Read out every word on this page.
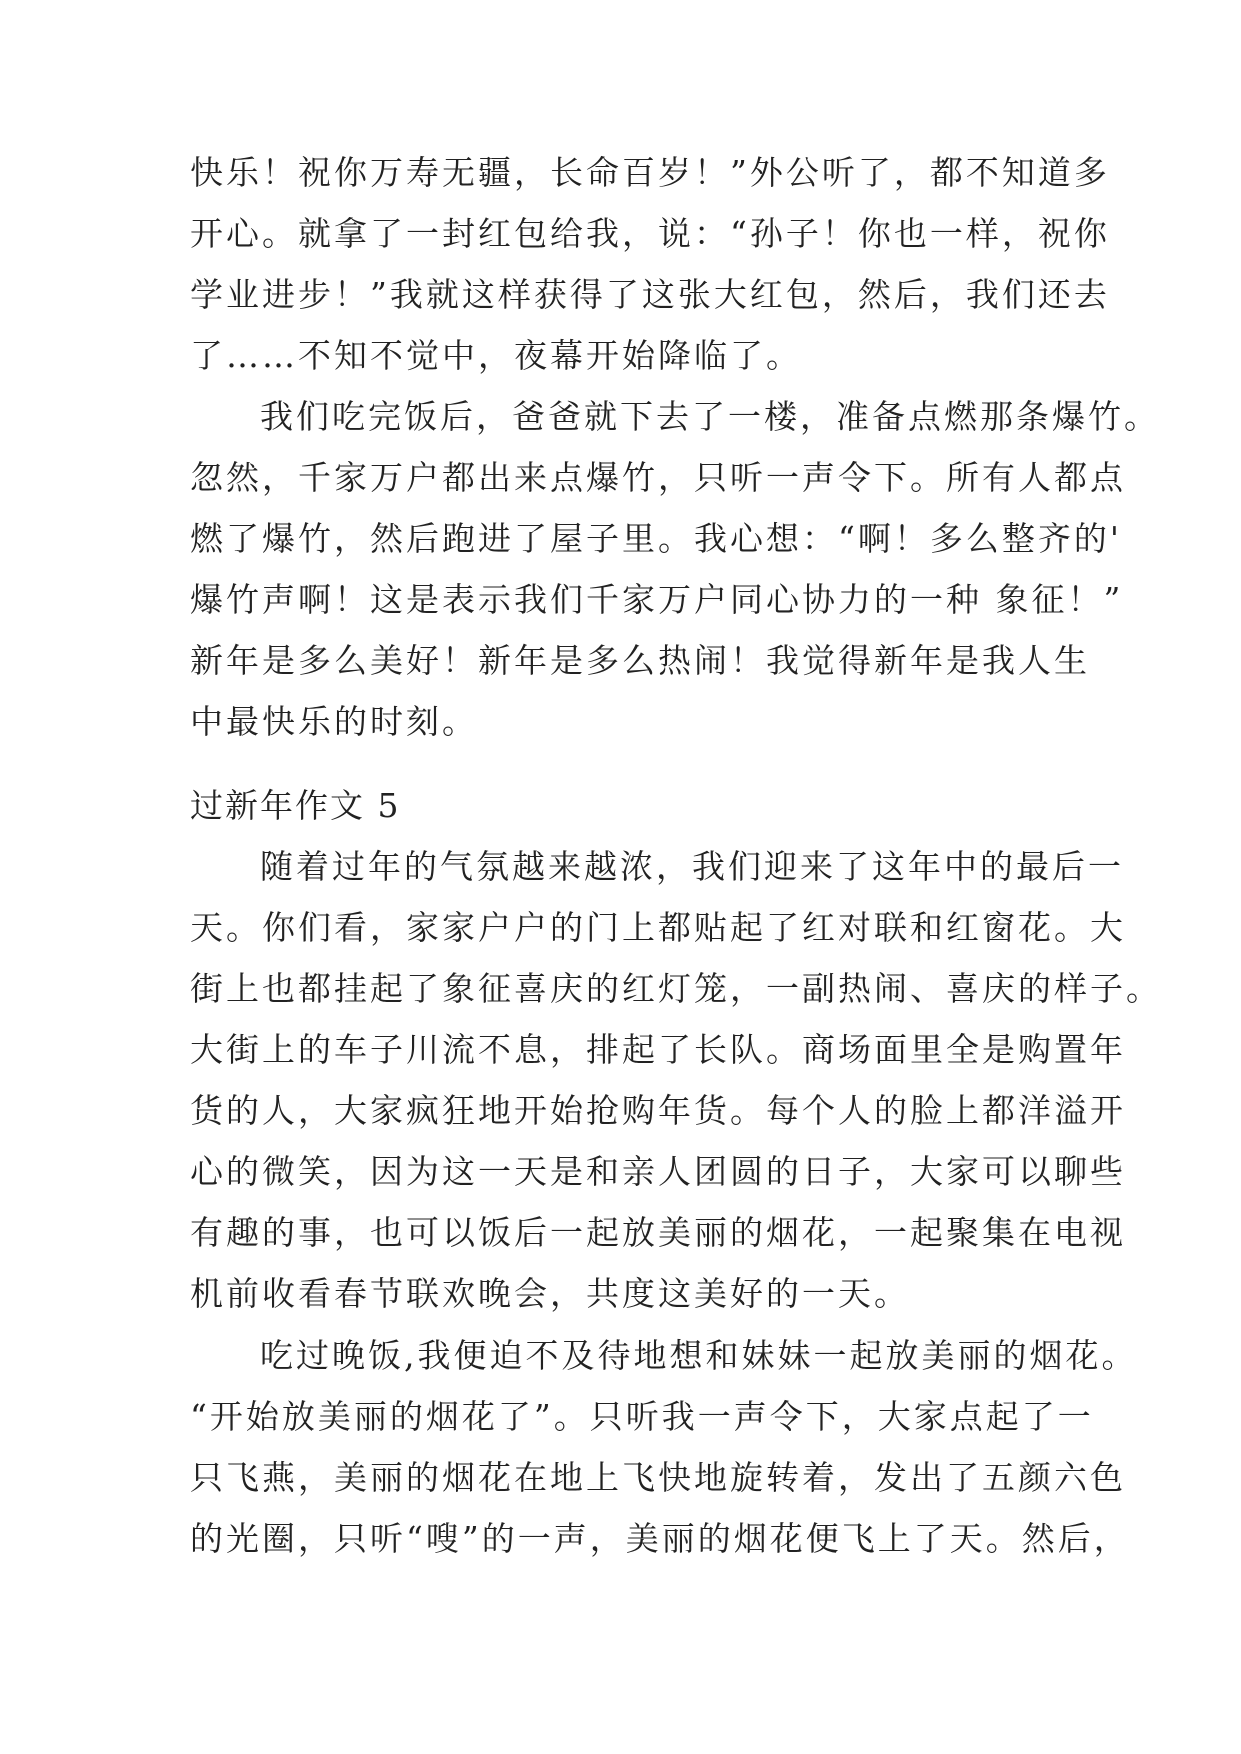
快乐！祝你万寿无疆，长命百岁！”外公听了，都不知道多
开心。就拿了一封红包给我，说：“孙子！你也一样，祝你
学业进步！”我就这样获得了这张大红包，然后，我们还去
了……不知不觉中，夜幕开始降临了。
我们吃完饭后，爸爸就下去了一楼，准备点燃那条爆竹。
忽然，千家万户都出来点爆竹，只听一声令下。所有人都点
燃了爆竹，然后跑进了屋子里。我心想：“啊！多么整齐的'
爆竹声啊！这是表示我们千家万户同心协力的一种 象征！”
新年是多么美好！新年是多么热闹！我觉得新年是我人生
中最快乐的时刻。
过新年作文 5
随着过年的气氛越来越浓，我们迎来了这年中的最后一
天。你们看，家家户户的门上都贴起了红对联和红窗花。大
街上也都挂起了象征喜庆的红灯笼，一副热闹、喜庆的样子。
大街上的车子川流不息，排起了长队。商场面里全是购置年
货的人，大家疯狂地开始抢购年货。每个人的脸上都洋溢开
心的微笑，因为这一天是和亲人团圆的日子，大家可以聊些
有趣的事，也可以饭后一起放美丽的烟花，一起聚集在电视
机前收看春节联欢晚会，共度这美好的一天。
吃过晚饭,我便迫不及待地想和妹妹一起放美丽的烟花。
“开始放美丽的烟花了”。只听我一声令下，大家点起了一
只飞燕，美丽的烟花在地上飞快地旋转着，发出了五颜六色
的光圈，只听“嗖”的一声，美丽的烟花便飞上了天。然后，
